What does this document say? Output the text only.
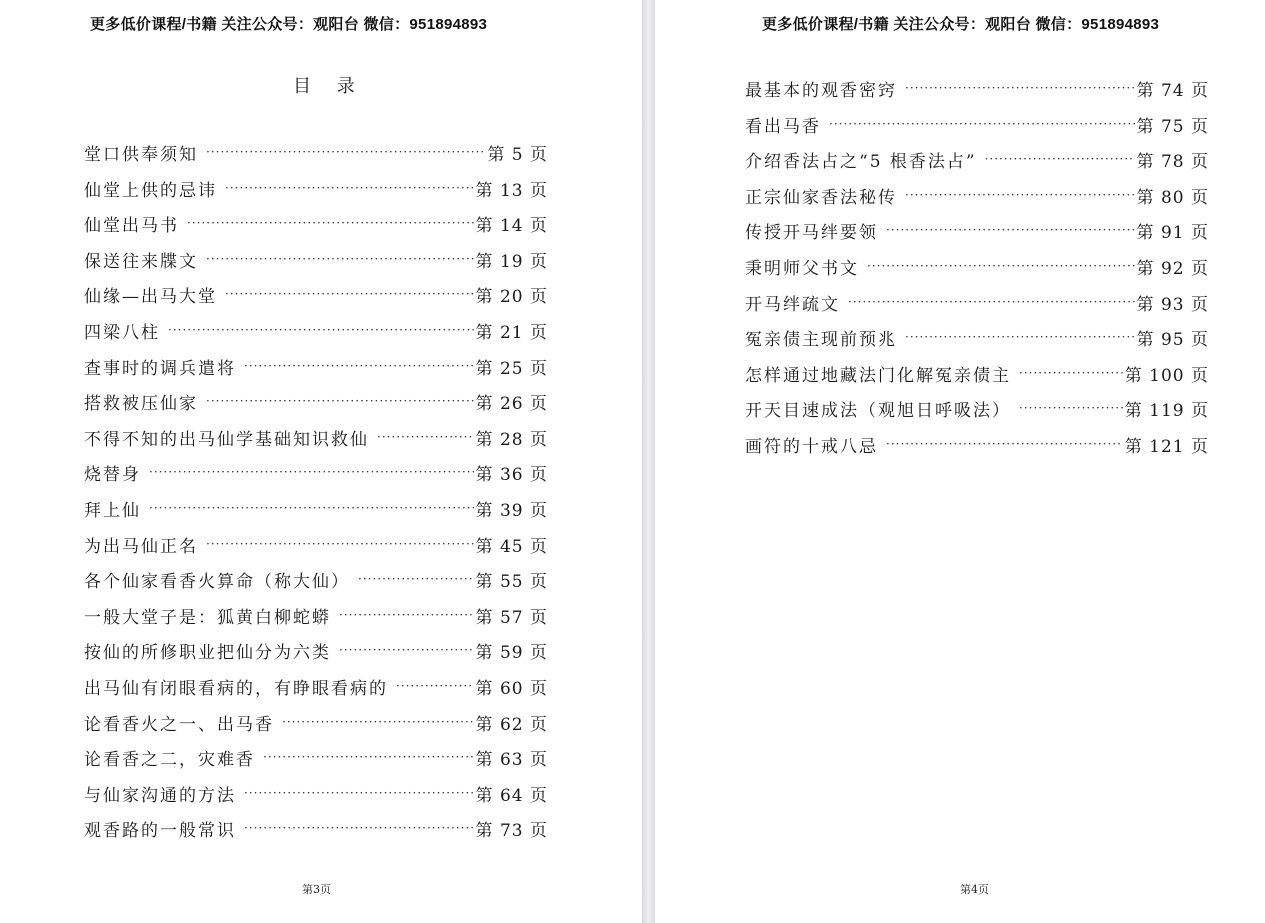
更多低价课程/书籍 关注公众号：观阳台 微信：951894893
目 录
堂口供奉须知 ·····	第 5 页
仙堂上供的忌讳 ·····	第 13 页
仙堂出马书 ·····	第 14 页
保送往来牒文 ·····	第 19 页
仙缘—出马大堂 ·····	第 20 页
四梁八柱 ·····	第 21 页
查事时的调兵遣将 ·····	第 25 页
搭救被压仙家 ·····	第 26 页
不得不知的出马仙学基础知识救仙 ·····	第 28 页
烧替身 ·····	第 36 页
拜上仙 ·····	第 39 页
为出马仙正名 ·····	第 45 页
各个仙家看香火算命（称大仙） ·····	第 55 页
一般大堂子是：狐黄白柳蛇蟒 ·····	第 57 页
按仙的所修职业把仙分为六类 ·····	第 59 页
出马仙有闭眼看病的，有睁眼看病的 ·····	第 60 页
论看香火之一、出马香 ·····	第 62 页
论看香之二，灾难香 ·····	第 63 页
与仙家沟通的方法 ·····	第 64 页
观香路的一般常识 ·····	第 73 页
第3页
更多低价课程/书籍 关注公众号：观阳台 微信：951894893
最基本的观香密窍 ·····	第 74 页
看出马香 ·····	第 75 页
介绍香法占之“5 根香法占” ·····	第 78 页
正宗仙家香法秘传 ·····	第 80 页
传授开马绊要领 ·····	第 91 页
秉明师父书文 ·····	第 92 页
开马绊疏文 ·····	第 93 页
冤亲债主现前预兆 ·····	第 95 页
怎样通过地藏法门化解冤亲债主 ·····	第 100 页
开天目速成法（观旭日呼吸法） ·····	第 119 页
画符的十戒八忌 ·····	第 121 页
第4页
